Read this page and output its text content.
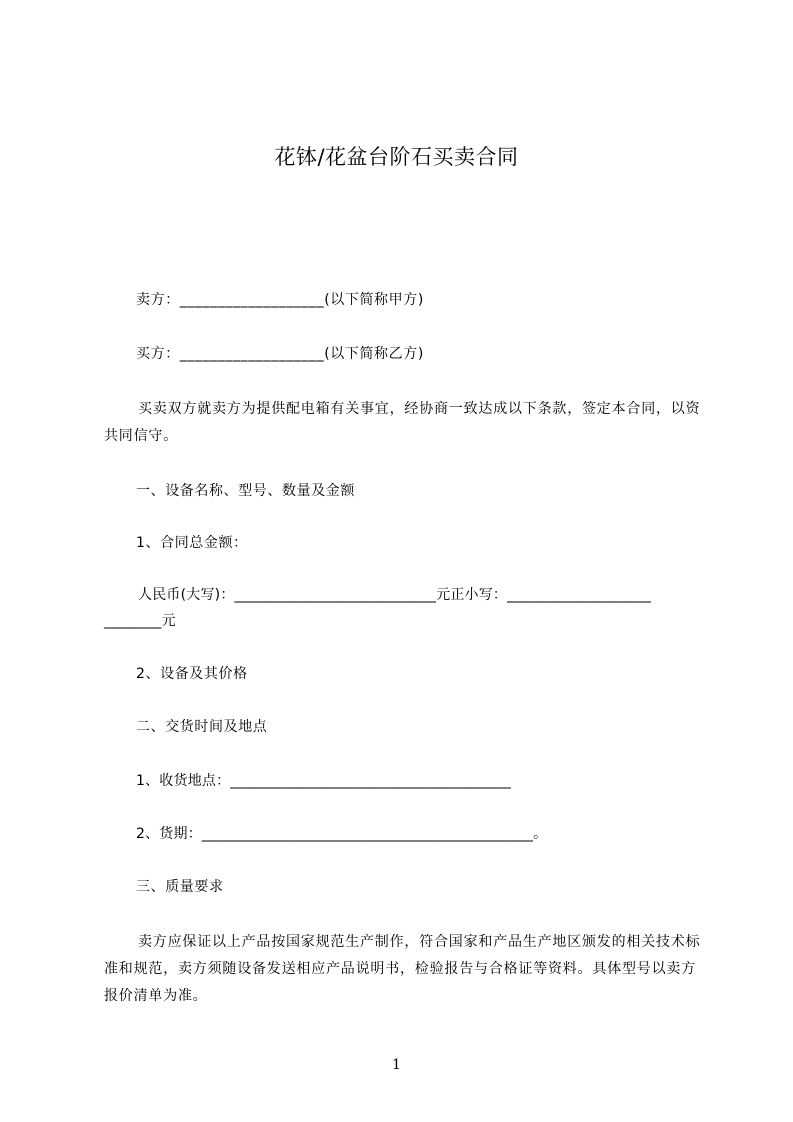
花钵/花盆台阶石买卖合同
卖方：___________________(以下简称甲方)
买方：___________________(以下简称乙方)
买卖双方就卖方为提供配电箱有关事宜，经协商一致达成以下条款，签定本合同，以资共同信守。
一、设备名称、型号、数量及金额
1、合同总金额：
人民币(大写)：____________________________元正小写：____________________
________元
2、设备及其价格
二、交货时间及地点
1、收货地点：_______________________________________
2、货期：______________________________________________。
三、质量要求
卖方应保证以上产品按国家规范生产制作，符合国家和产品生产地区颁发的相关技术标准和规范，卖方须随设备发送相应产品说明书，检验报告与合格证等资料。具体型号以卖方报价清单为准。
1
